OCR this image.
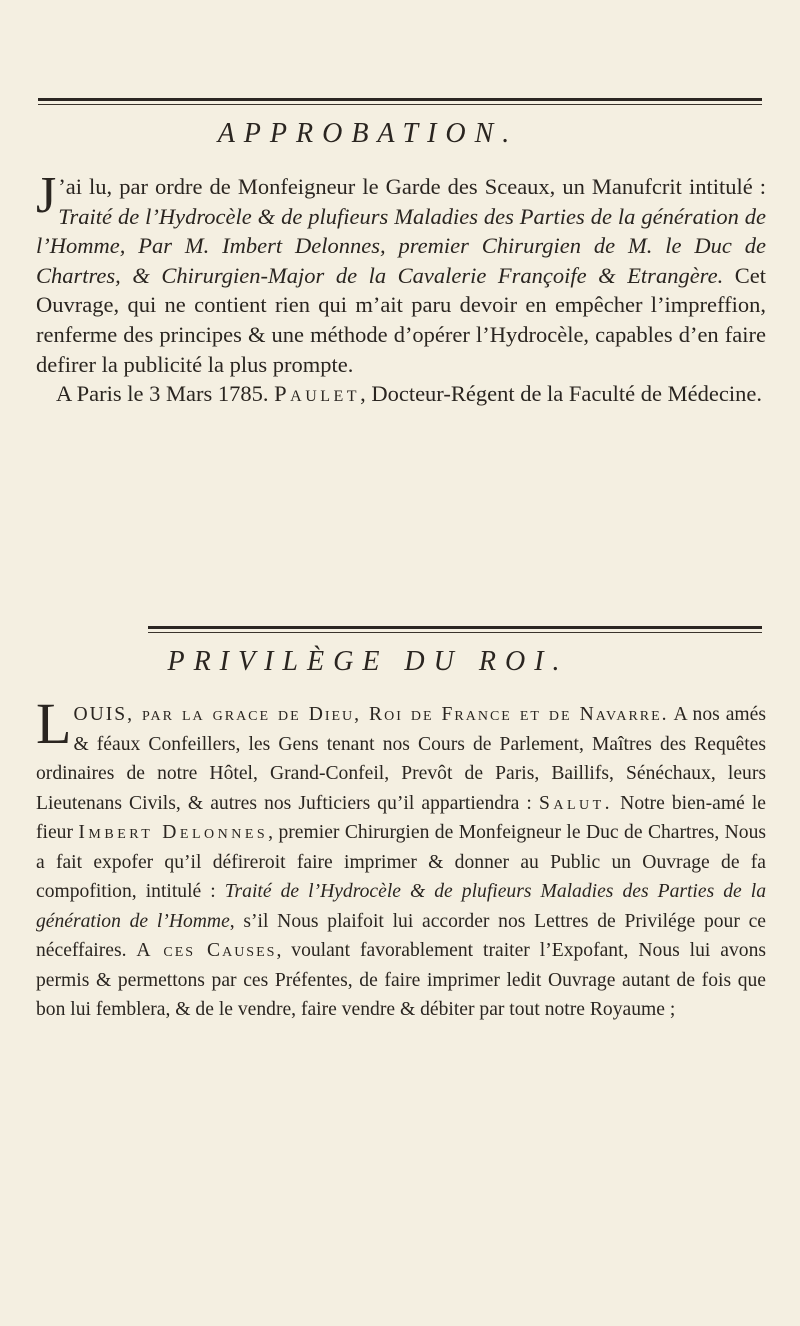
APPROBATION.

J ’ai lu, par ordre de Monfeigneur le Garde des Sceaux, un Manufcrit intitulé : Traité de l’Hydrocèle & de plufieurs Maladies des Parties de la génération de l’Homme, Par M. Imbert Delonnes, premier Chirurgien de M. le Duc de Chartres, & Chirurgien-Major de la Cavalerie Françoife & Etrangère. Cet Ouvrage, qui ne contient rien qui m’ait paru devoir en empêcher l’impreffion, renferme des principes & une méthode d’opérer l’Hydrocèle, capables d’en faire defirer la publicité la plus prompte.

A Paris le 3 Mars 1785. Paulet, Docteur-Régent de la Faculté de Médecine.

PRIVILÈGE DU ROI.

LOUIS, par la grace de Dieu, Roi de France et de Navarre. A nos amés & féaux Confeillers, les Gens tenant nos Cours de Parlement, Maîtres des Requêtes ordinaires de notre Hôtel, Grand-Confeil, Prevôt de Paris, Baillifs, Sénéchaux, leurs Lieutenans Civils, & autres nos Jufticiers qu’il appartiendra : Salut. Notre bien-amé le fieur Imbert Delonnes, premier Chirurgien de Monfeigneur le Duc de Chartres, Nous a fait expofer qu’il défireroit faire imprimer & donner au Public un Ouvrage de fa compofition, intitulé : Traité de l’Hydrocèle & de plufieurs Maladies des Parties de la génération de l’Homme, s’il Nous plaifoit lui accorder nos Lettres de Privilége pour ce néceffaires. A ces Causes, voulant favorablement traiter l’Expofant, Nous lui avons permis & permettons par ces Préfentes, de faire imprimer ledit Ouvrage autant de fois que bon lui femblera, & de le vendre, faire vendre & débiter par tout notre Royaume ;
